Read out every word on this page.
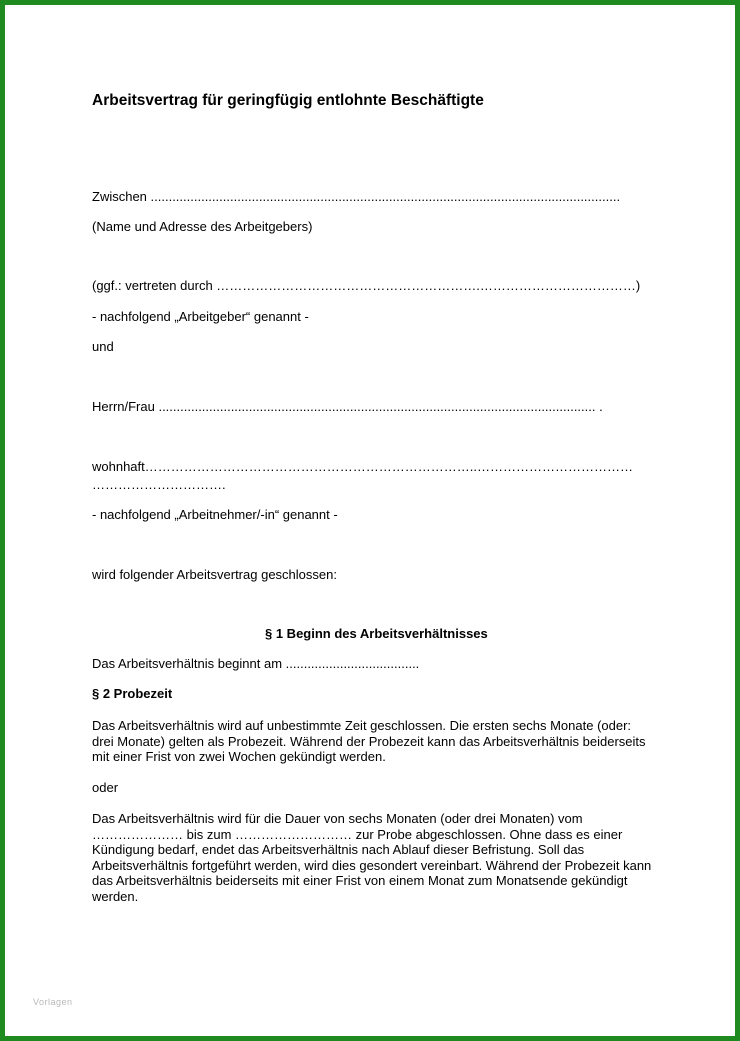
Arbeitsvertrag für geringfügig entlohnte Beschäftigte
Zwischen ..................................................................................................................................
(Name und Adresse des Arbeitgebers)
(ggf.: vertreten durch …………………………………………………….………………………………)
- nachfolgend „Arbeitgeber“ genannt -
und
Herrn/Frau ......................................................................................................................... .
wohnhaft…………………………………………………………………..………………………………
………………………….
- nachfolgend „Arbeitnehmer/-in“ genannt -
wird folgender Arbeitsvertrag geschlossen:
§ 1 Beginn des Arbeitsverhältnisses
Das Arbeitsverhältnis beginnt am .....................................
§ 2 Probezeit
Das Arbeitsverhältnis wird auf unbestimmte Zeit geschlossen. Die ersten sechs Monate (oder: drei Monate) gelten als Probezeit. Während der Probezeit kann das Arbeitsverhältnis beiderseits mit einer Frist von zwei Wochen gekündigt werden.
oder
Das Arbeitsverhältnis wird für die Dauer von sechs Monaten (oder drei Monaten) vom ………………… bis zum ……………………… zur Probe abgeschlossen. Ohne dass es einer Kündigung bedarf, endet das Arbeitsverhältnis nach Ablauf dieser Befristung. Soll das Arbeitsverhältnis fortgeführt werden, wird dies gesondert vereinbart. Während der Probezeit kann das Arbeitsverhältnis beiderseits mit einer Frist von einem Monat zum Monatsende gekündigt werden.
Vorlagen
